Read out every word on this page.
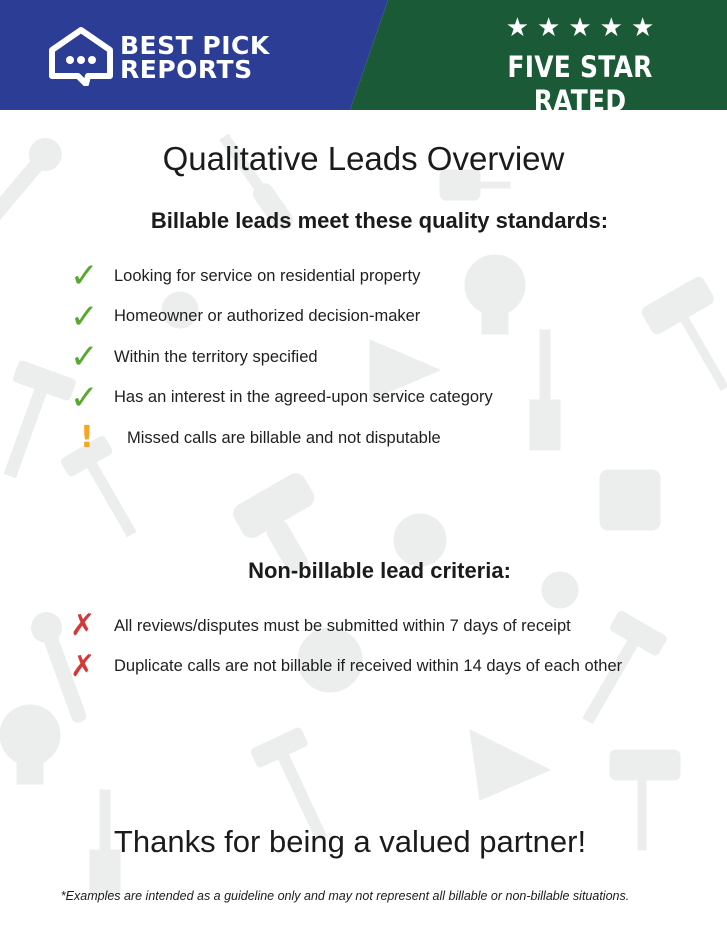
BEST PICK
REPORTS
★ ★ ★ ★ ★
FIVE STAR RATED
Qualitative Leads Overview
Billable leads meet these quality standards:
✓ Looking for service on residential property
✓ Homeowner or authorized decision-maker
✓ Within the territory specified
✓ Has an interest in the agreed-upon service category
!	Missed calls are billable and not disputable
Non-billable lead criteria:
✗	All reviews/disputes must be submitted within 7 days of receipt
✗	Duplicate calls are not billable if received within 14 days of each other
Thanks for being a valued partner!
*Examples are intended as a guideline only and may not represent all billable or non-billable situations.
